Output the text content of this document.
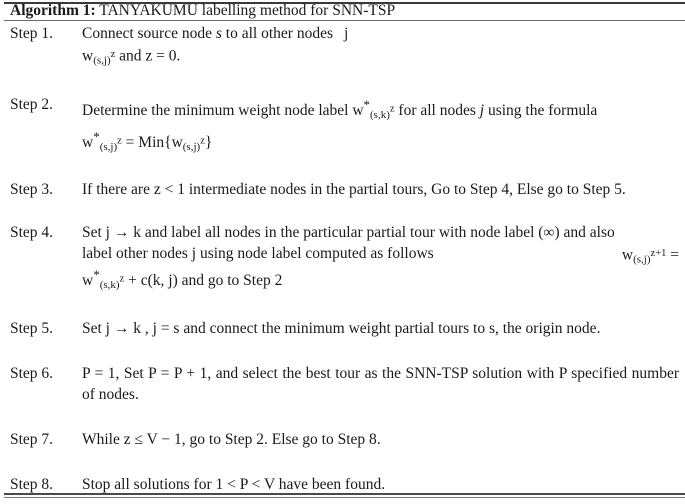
Algorithm 1: TANYAKUMU labelling method for SNN-TSP
Step 1.	Connect source node s to all other nodes j
$w_{(s,j)}^z$ and z = 0.
Step 2.	Determine the minimum weight node label $w^*_{(s,k)}^z$ for all nodes j using the formula
$w^*_{(s,j)}^z = Min\{w_{(s,j)}^z\}$
Step 3.	If there are z < 1 intermediate nodes in the partial tours, Go to Step 4, Else go to Step 5.
Step 4.	Set j → k and label all nodes in the particular partial tour with node label (∞) and also
$w_{(s,j)}^{z+1}$ =
label other nodes j using node label computed as follows
$w^*_{(s,k)}^z + c(k$, j) and go to Step 2
Step 5.	Set j → k , j = s and connect the minimum weight partial tours to s, the origin node.
Step 6.	P = 1, Set P = P + 1, and select the best tour as the SNN-TSP solution with P specified number of nodes.
Step 7.	While z ≤ V − 1, go to Step 2. Else go to Step 8.
Step 8.	Stop all solutions for 1 < P < V have been found.
